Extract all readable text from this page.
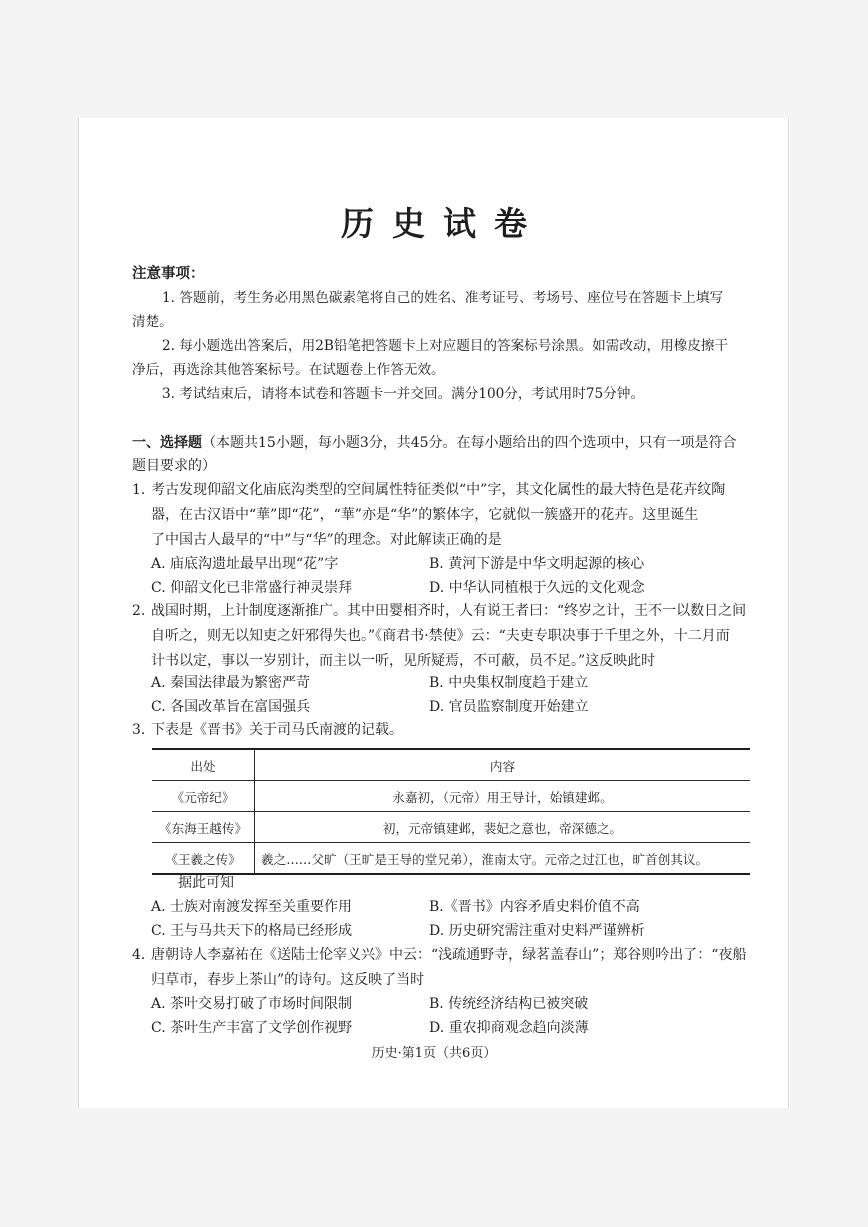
历史试卷
注意事项：
1. 答题前，考生务必用黑色碳素笔将自己的姓名、准考证号、考场号、座位号在答题卡上填写
清楚。
2. 每小题选出答案后，用2B铅笔把答题卡上对应题目的答案标号涂黑。如需改动，用橡皮擦干
净后，再选涂其他答案标号。在试题卷上作答无效。
3. 考试结束后，请将本试卷和答题卡一并交回。满分100分，考试用时75分钟。
一、选择题（本题共15小题，每小题3分，共45分。在每小题给出的四个选项中，只有一项是符合
题目要求的）
1. 考古发现仰韶文化庙底沟类型的空间属性特征类似“中”字，其文化属性的最大特色是花卉纹陶
器，在古汉语中“華”即“花”，“華”亦是“华”的繁体字，它就似一簇盛开的花卉。这里诞生
了中国古人最早的“中”与“华”的理念。对此解读正确的是
A. 庙底沟遗址最早出现“花”字	B. 黄河下游是中华文明起源的核心
C. 仰韶文化已非常盛行神灵崇拜	D. 中华认同植根于久远的文化观念
2. 战国时期，上计制度逐渐推广。其中田婴相齐时，人有说王者曰：“终岁之计，王不一以数日之间
自听之，则无以知吏之奸邪得失也。”《商君书·禁使》云：“夫吏专职决事于千里之外，十二月而
计书以定，事以一岁别计，而主以一听，见所疑焉，不可蔽，员不足。”这反映此时
A. 秦国法律最为繁密严苛	B. 中央集权制度趋于建立
C. 各国改革旨在富国强兵	D. 官员监察制度开始建立
3. 下表是《晋书》关于司马氏南渡的记载。
出处	内容
《元帝纪》	永嘉初，（元帝）用王导计，始镇建邺。
《东海王越传》	初，元帝镇建邺，裴妃之意也，帝深德之。
《王羲之传》	羲之……父旷（王旷是王导的堂兄弟），淮南太守。元帝之过江也，旷首创其议。
据此可知
A. 士族对南渡发挥至关重要作用	B.《晋书》内容矛盾史料价值不高
C. 王与马共天下的格局已经形成	D. 历史研究需注重对史料严谨辨析
4. 唐朝诗人李嘉祐在《送陆士伦宰义兴》中云：“浅疏通野寺，绿茗盖春山”；郑谷则吟出了：“夜船
归草市，春步上茶山”的诗句。这反映了当时
A. 茶叶交易打破了市场时间限制	B. 传统经济结构已被突破
C. 茶叶生产丰富了文学创作视野	D. 重农抑商观念趋向淡薄
历史·第1页（共6页）
